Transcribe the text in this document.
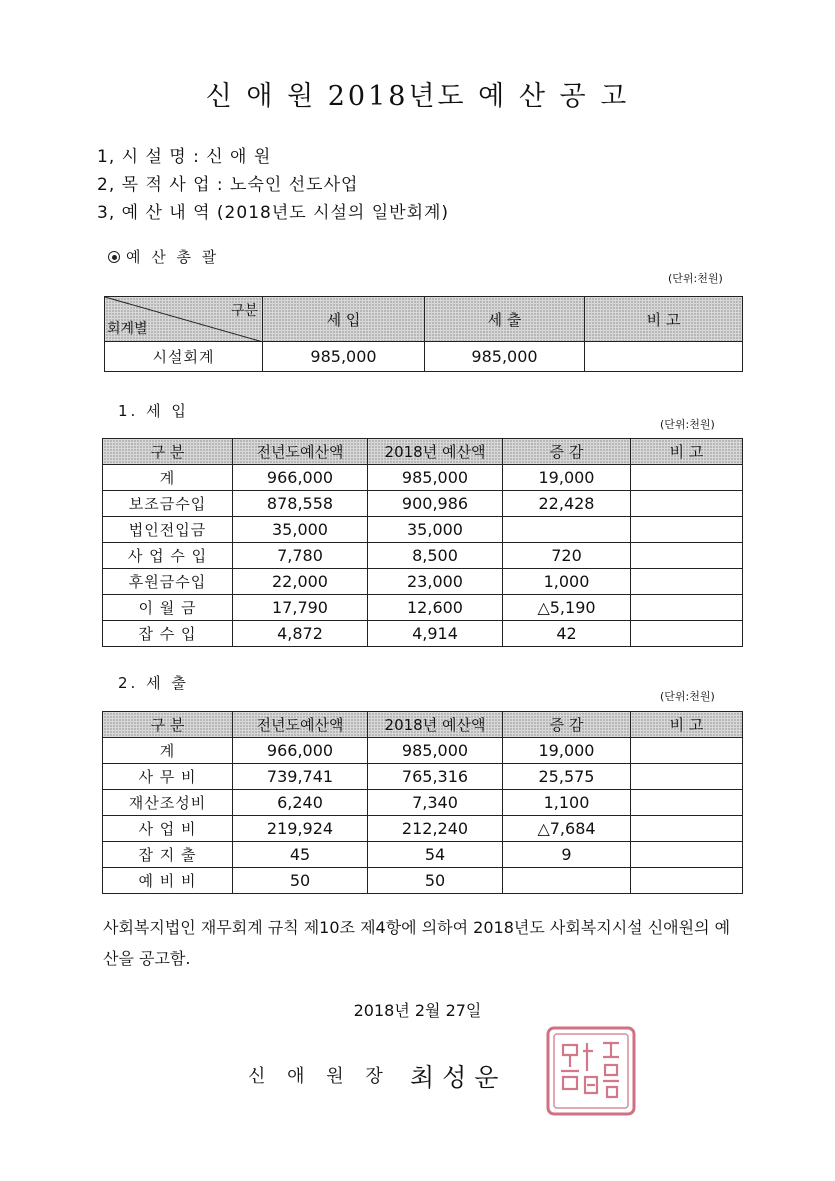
신 애 원 2018년도 예 산 공 고
1, 시 설 명 : 신 애 원
2, 목 적 사 업 : 노숙인 선도사업
3, 예 산 내 역 (2018년도 시설의 일반회계)
예 산 총 괄
(단위:천원)
구분
회계별	세 입	세 출	비 고
시설회계	985,000	985,000	
1. 세 입
(단위:천원)
구 분	전년도예산액	2018년 예산액	증 감	비 고
계	966,000	985,000	19,000	
보조금수입	878,558	900,986	22,428	
법인전입금	35,000	35,000		
사 업 수 입	7,780	8,500	720	
후원금수입	22,000	23,000	1,000	
이 월 금	17,790	12,600	△5,190	
잡 수 입	4,872	4,914	42	
2. 세 출
(단위:천원)
구 분	전년도예산액	2018년 예산액	증 감	비 고
계	966,000	985,000	19,000	
사 무 비	739,741	765,316	25,575	
재산조성비	6,240	7,340	1,100	
사 업 비	219,924	212,240	△7,684	
잡 지 출	45	54	9	
예 비 비	50	50		
사회복지법인 재무회계 규칙 제10조 제4항에 의하여 2018년도 사회복지시설 신애원의 예산을 공고함.
2018년 2월 27일
신 애 원 장 최 성 운
